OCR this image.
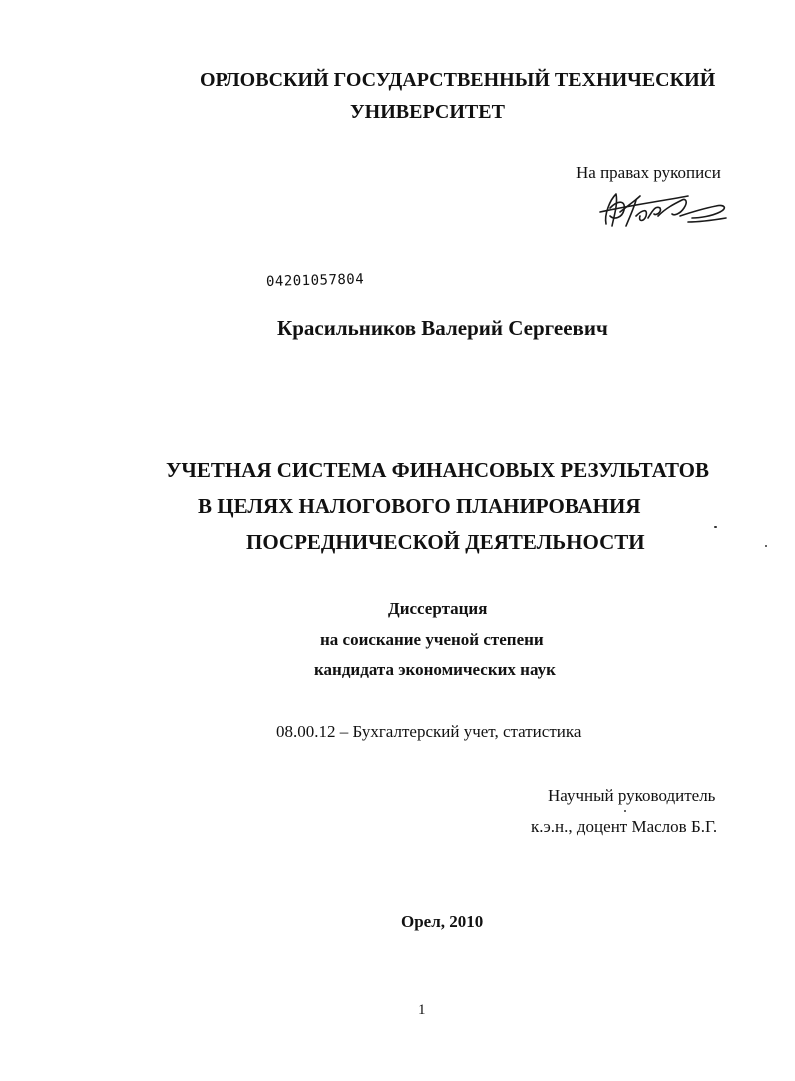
ОРЛОВСКИЙ ГОСУДАРСТВЕННЫЙ ТЕХНИЧЕСКИЙ
УНИВЕРСИТЕТ
На правах рукописи
04201057804
Красильников Валерий Сергеевич
УЧЕТНАЯ СИСТЕМА ФИНАНСОВЫХ РЕЗУЛЬТАТОВ
В ЦЕЛЯХ НАЛОГОВОГО ПЛАНИРОВАНИЯ
ПОСРЕДНИЧЕСКОЙ ДЕЯТЕЛЬНОСТИ
Диссертация
на соискание ученой степени
кандидата экономических наук
08.00.12 – Бухгалтерский учет, статистика
Научный руководитель
к.э.н., доцент Маслов Б.Г.
Орел, 2010
1
